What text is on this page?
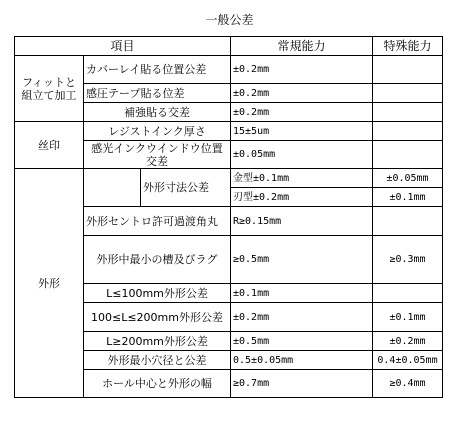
一般公差
項目			常規能力	特殊能力
フィットと組立て加工	カバーレイ貼る位置公差		±0.2mm	
	感圧テープ貼る位差		±0.2mm	
	補強貼る交差		±0.2mm	
丝印	レジストインク厚さ		15±5um	
	感光インクウインドウ位置交差		±0.05mm	
外形		外形寸法公差	金型±0.1mm	±0.05mm
			刃型±0.2mm	±0.1mm
	外形セントロ許可過渡角丸		R≥0.15mm	
	外形中最小の槽及びラグ		≥0.5mm	≥0.3mm
	L≤100mm外形公差		±0.1mm	
	100≤L≤200mm外形公差		±0.2mm	±0.1mm
	L≥200mm外形公差		±0.5mm	±0.2mm
	外形最小穴径と公差		0.5±0.05mm	0.4±0.05mm
	ホール中心と外形の幅		≥0.7mm	≥0.4mm
